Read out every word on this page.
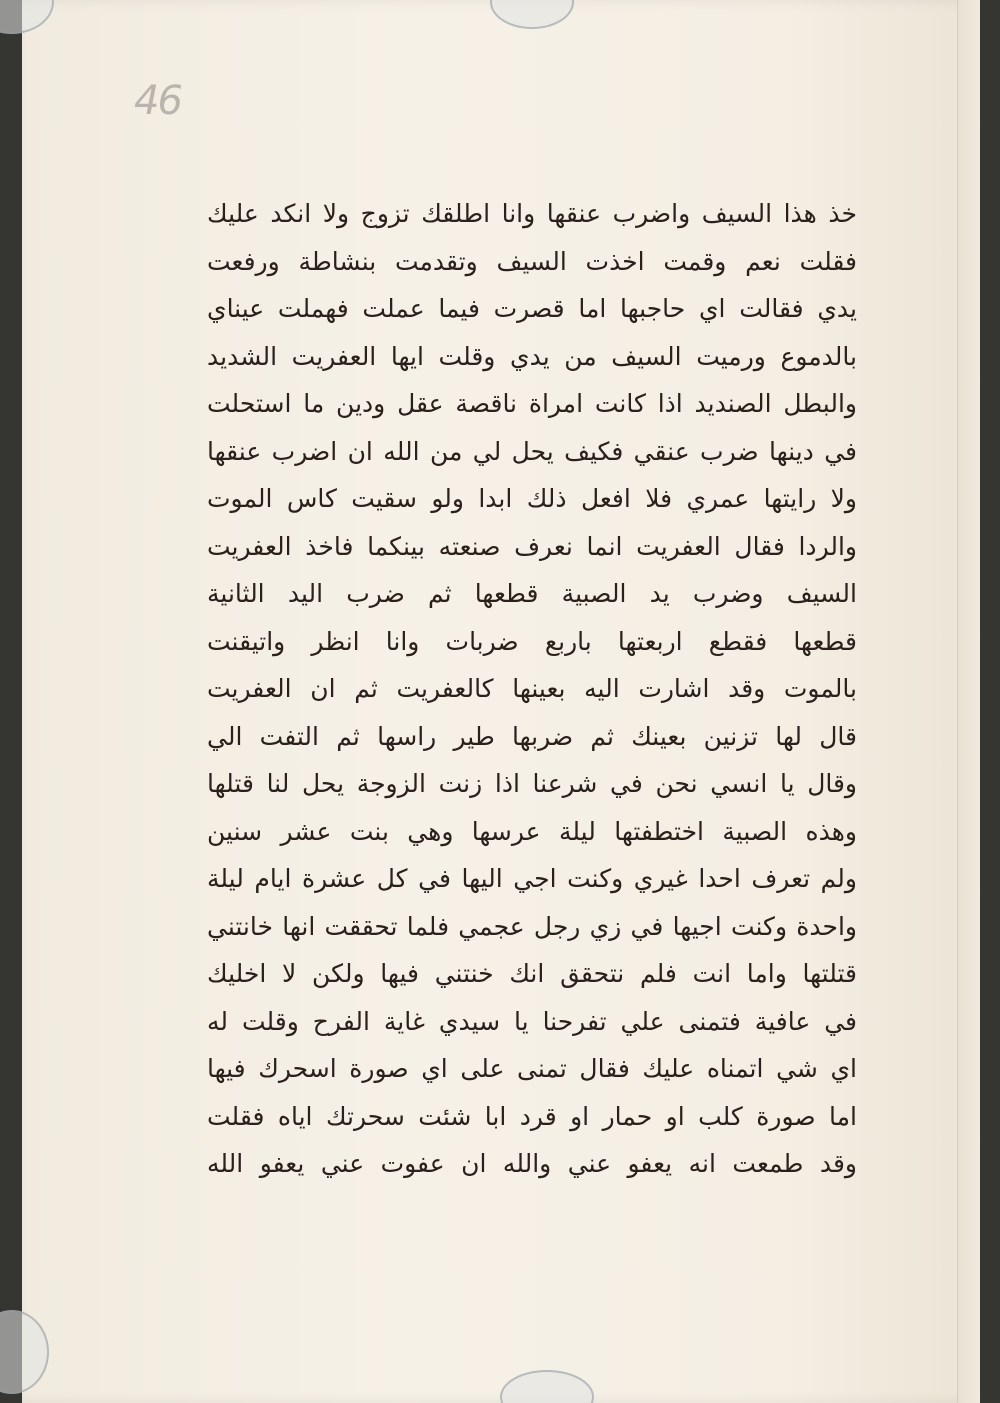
46
خذ هذا السيف واضرب عنقها وانا اطلقك تزوج ولا انكد عليك
فقلت نعم وقمت اخذت السيف وتقدمت بنشاطة ورفعت
يدي فقالت اي حاجبها اما قصرت فيما عملت فهملت عيناي
بالدموع ورميت السيف من يدي وقلت ايها العفريت الشديد
والبطل الصنديد اذا كانت امراة ناقصة عقل ودين ما استحلت
في دينها ضرب عنقي فكيف يحل لي من الله ان اضرب عنقها
ولا رايتها عمري فلا افعل ذلك ابدا ولو سقيت كاس الموت
والردا فقال العفريت انما نعرف صنعته بينكما فاخذ العفريت
السيف وضرب يد الصبية قطعها ثم ضرب اليد الثانية
قطعها فقطع اربعتها باربع ضربات وانا انظر واتيقنت
بالموت وقد اشارت اليه بعينها كالعفريت ثم ان العفريت
قال لها تزنين بعينك ثم ضربها طير راسها ثم التفت الي
وقال يا انسي نحن في شرعنا اذا زنت الزوجة يحل لنا قتلها
وهذه الصبية اختطفتها ليلة عرسها وهي بنت عشر سنين
ولم تعرف احدا غيري وكنت اجي اليها في كل عشرة ايام ليلة
واحدة وكنت اجيها في زي رجل عجمي فلما تحققت انها خانتني
قتلتها واما انت فلم نتحقق انك خنتني فيها ولكن لا اخليك
في عافية فتمنى علي تفرحنا يا سيدي غاية الفرح وقلت له
اي شي اتمناه عليك فقال تمنى على اي صورة اسحرك فيها
اما صورة كلب او حمار او قرد ابا شئت سحرتك اياه فقلت
وقد طمعت انه يعفو عني والله ان عفوت عني يعفو الله
